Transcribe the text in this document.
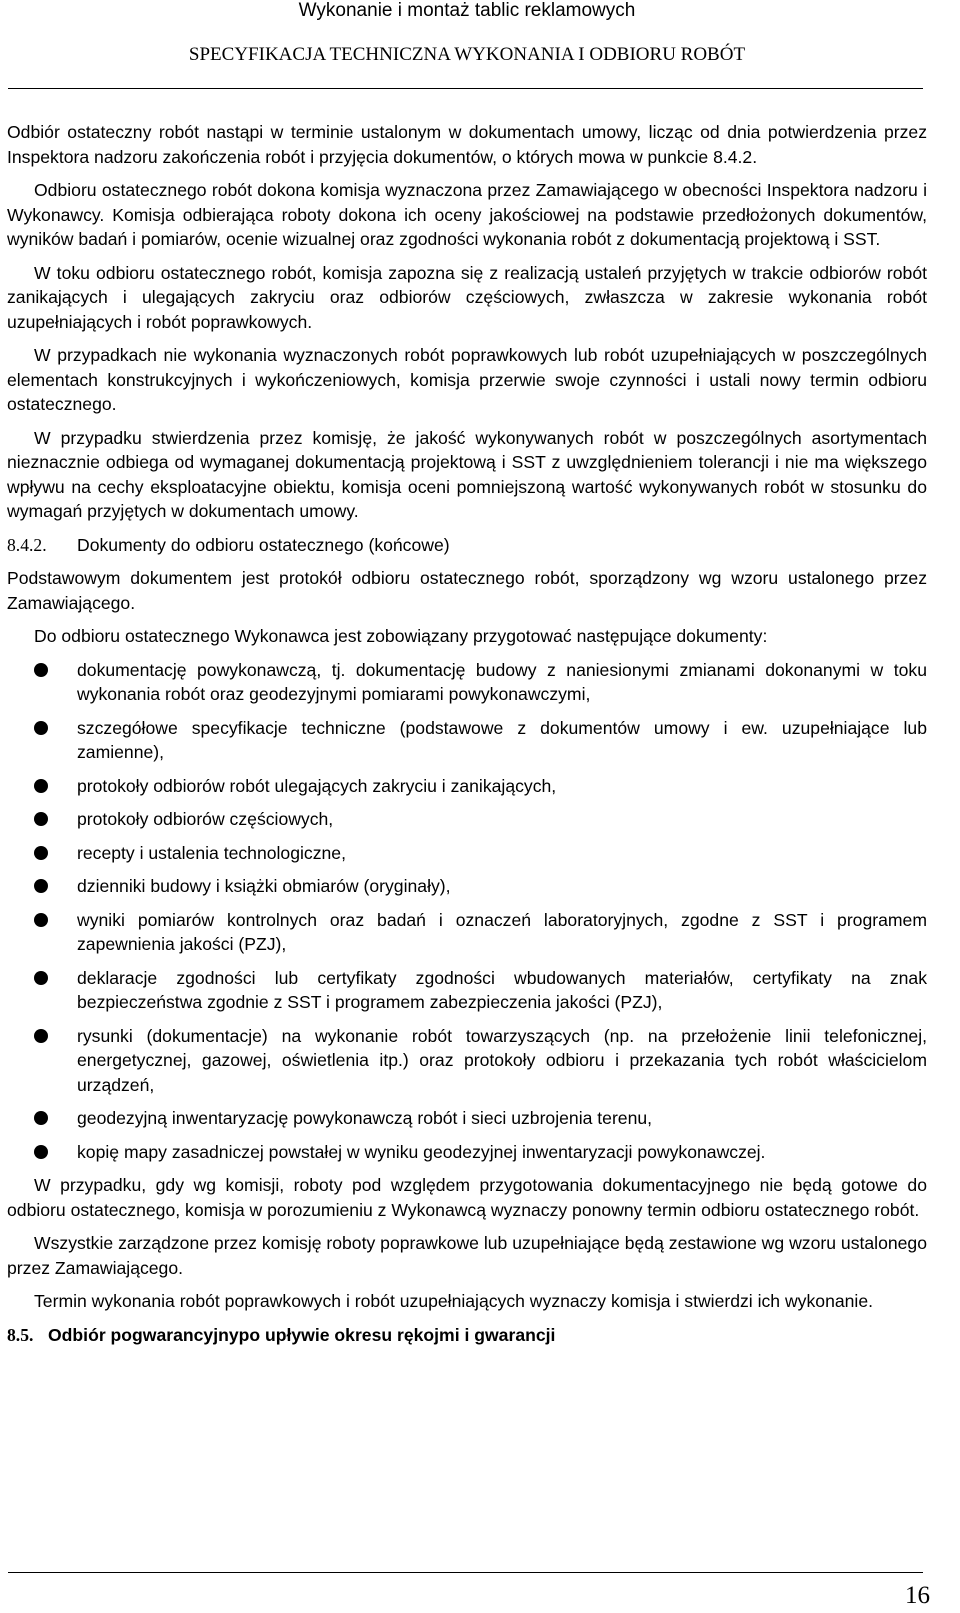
Wykonanie i montaż tablic reklamowych
SPECYFIKACJA TECHNICZNA WYKONANIA I ODBIORU ROBÓT

Odbiór ostateczny robót nastąpi w terminie ustalonym w dokumentach umowy, licząc od dnia potwierdzenia przez Inspektora nadzoru zakończenia robót i przyjęcia dokumentów, o których mowa w punkcie 8.4.2.

Odbioru ostatecznego robót dokona komisja wyznaczona przez Zamawiającego w obecności Inspektora nadzoru i Wykonawcy. Komisja odbierająca roboty dokona ich oceny jakościowej na podstawie przedłożonych dokumentów, wyników badań i pomiarów, ocenie wizualnej oraz zgodności wykonania robót z dokumentacją projektową i SST.

W toku odbioru ostatecznego robót, komisja zapozna się z realizacją ustaleń przyjętych w trakcie odbiorów robót zanikających i ulegających zakryciu oraz odbiorów częściowych, zwłaszcza w zakresie wykonania robót uzupełniających i robót poprawkowych.

W przypadkach nie wykonania wyznaczonych robót poprawkowych lub robót uzupełniających w poszczególnych elementach konstrukcyjnych i wykończeniowych, komisja przerwie swoje czynności i ustali nowy termin odbioru ostatecznego.

W przypadku stwierdzenia przez komisję, że jakość wykonywanych robót w poszczególnych asortymentach nieznacznie odbiega od wymaganej dokumentacją projektową i SST z uwzględnieniem tolerancji i nie ma większego wpływu na cechy eksploatacyjne obiektu, komisja oceni pomniejszoną wartość wykonywanych robót w stosunku do wymagań przyjętych w dokumentach umowy.

8.4.2. Dokumenty do odbioru ostatecznego (końcowe)

Podstawowym dokumentem jest protokół odbioru ostatecznego robót, sporządzony wg wzoru ustalonego przez Zamawiającego.

Do odbioru ostatecznego Wykonawca jest zobowiązany przygotować następujące dokumenty:

dokumentację powykonawczą, tj. dokumentację budowy z naniesionymi zmianami dokonanymi w toku wykonania robót oraz geodezyjnymi pomiarami powykonawczymi,
szczegółowe specyfikacje techniczne (podstawowe z dokumentów umowy i ew. uzupełniające lub zamienne),
protokoły odbiorów robót ulegających zakryciu i zanikających,
protokoły odbiorów częściowych,
recepty i ustalenia technologiczne,
dzienniki budowy i książki obmiarów (oryginały),
wyniki pomiarów kontrolnych oraz badań i oznaczeń laboratoryjnych, zgodne z SST i programem zapewnienia jakości (PZJ),
deklaracje zgodności lub certyfikaty zgodności wbudowanych materiałów, certyfikaty na znak bezpieczeństwa zgodnie z SST i programem zabezpieczenia jakości (PZJ),
rysunki (dokumentacje) na wykonanie robót towarzyszących (np. na przełożenie linii telefonicznej, energetycznej, gazowej, oświetlenia itp.) oraz protokoły odbioru i przekazania tych robót właścicielom urządzeń,
geodezyjną inwentaryzację powykonawczą robót i sieci uzbrojenia terenu,
kopię mapy zasadniczej powstałej w wyniku geodezyjnej inwentaryzacji powykonawczej.

W przypadku, gdy wg komisji, roboty pod względem przygotowania dokumentacyjnego nie będą gotowe do odbioru ostatecznego, komisja w porozumieniu z Wykonawcą wyznaczy ponowny termin odbioru ostatecznego robót.

Wszystkie zarządzone przez komisję roboty poprawkowe lub uzupełniające będą zestawione wg wzoru ustalonego przez Zamawiającego.

Termin wykonania robót poprawkowych i robót uzupełniających wyznaczy komisja i stwierdzi ich wykonanie.

8.5. Odbiór pogwarancyjnypo upływie okresu rękojmi i gwarancji

16
